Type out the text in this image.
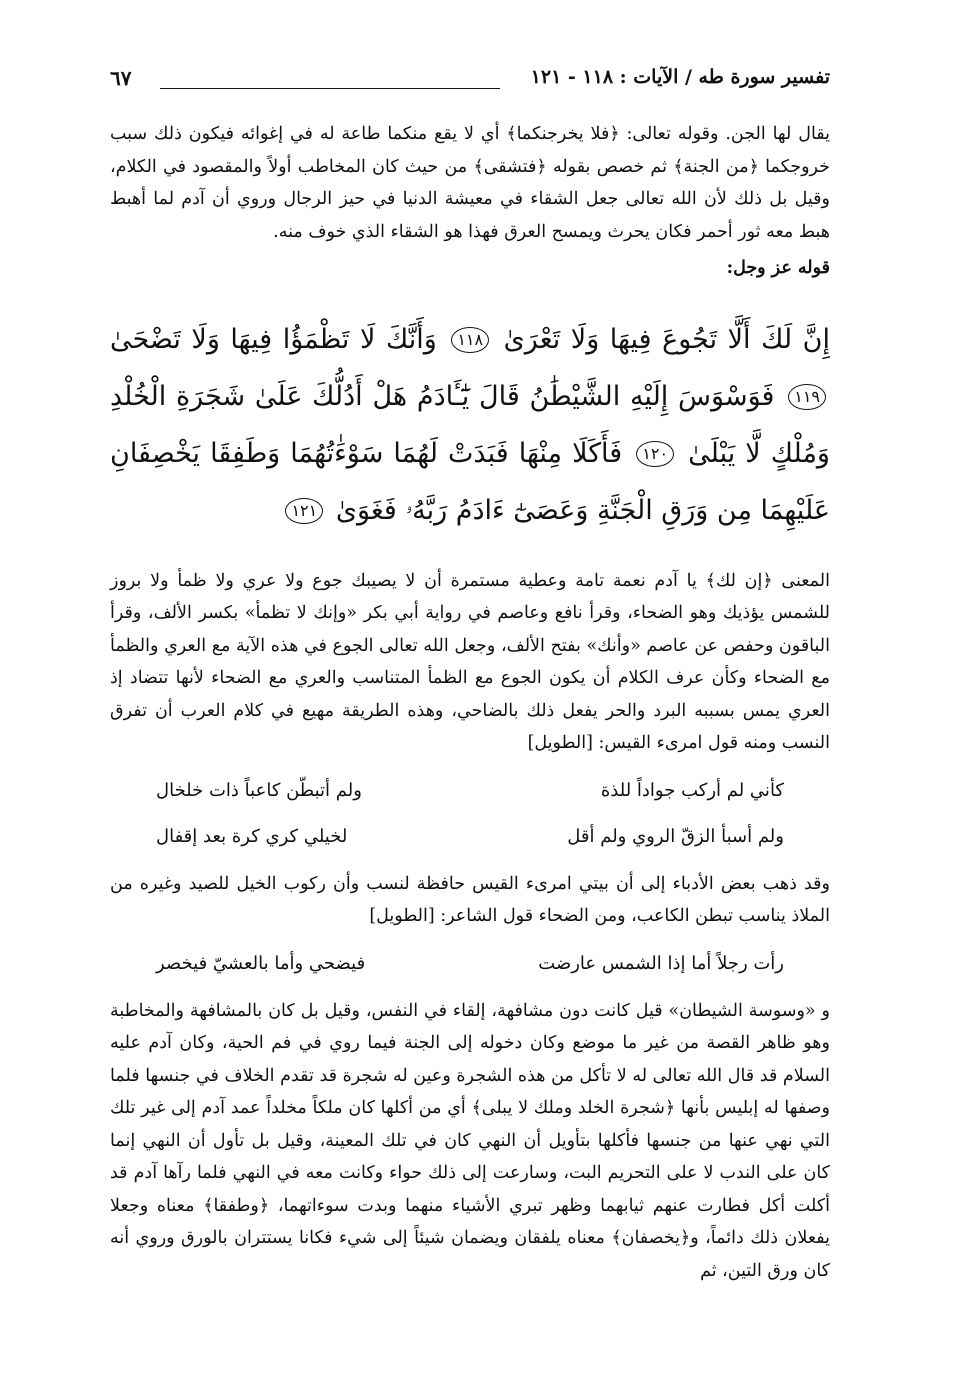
تفسير سورة طه / الآيات : ١١٨ - ١٢١
٦٧

يقال لها الجن. وقوله تعالى: ﴿فلا يخرجنكما﴾ أي لا يقع منكما طاعة له في إغوائه فيكون ذلك سبب خروجكما ﴿من الجنة﴾ ثم خصص بقوله ﴿فتشقى﴾ من حيث كان المخاطب أولاً والمقصود في الكلام، وقيل بل ذلك لأن الله تعالى جعل الشقاء في معيشة الدنيا في حيز الرجال وروي أن آدم لما أهبط هبط معه ثور أحمر فكان يحرث ويمسح العرق فهذا هو الشقاء الذي خوف منه.

قوله عز وجل:

إِنَّ لَكَ أَلَّا تَجُوعَ فِيهَا وَلَا تَعْرَىٰ ١١٨ وَأَنَّكَ لَا تَظْمَؤُا فِيهَا وَلَا تَضْحَىٰ ١١٩ فَوَسْوَسَ إِلَيْهِ الشَّيْطَٰنُ قَالَ يَٰٓـَٔادَمُ هَلْ أَدُلُّكَ عَلَىٰ شَجَرَةِ الْخُلْدِ وَمُلْكٍ لَّا يَبْلَىٰ ١٢٠ فَأَكَلَا مِنْهَا فَبَدَتْ لَهُمَا سَوْءَٰتُهُمَا وَطَفِقَا يَخْصِفَانِ عَلَيْهِمَا مِن وَرَقِ الْجَنَّةِ وَعَصَىٰٓ ءَادَمُ رَبَّهُۥ فَغَوَىٰ ١٢١

المعنى ﴿إن لك﴾ يا آدم نعمة تامة وعطية مستمرة أن لا يصيبك جوع ولا عري ولا ظمأ ولا بروز للشمس يؤذيك وهو الضحاء، وقرأ نافع وعاصم في رواية أبي بكر «وإنك لا تظمأ» بكسر الألف، وقرأ الباقون وحفص عن عاصم «وأنك» بفتح الألف، وجعل الله تعالى الجوع في هذه الآية مع العري والظمأ مع الضحاء وكأن عرف الكلام أن يكون الجوع مع الظمأ المتناسب والعري مع الضحاء لأنها تتضاد إذ العري يمس بسببه البرد والحر يفعل ذلك بالضاحي، وهذه الطريقة مهيع في كلام العرب أن تفرق النسب ومنه قول امرىء القيس: [الطويل]

كأني لم أركب جواداً للذة
ولم أتبطّن كاعباً ذات خلخال
ولم أسبأ الزقّ الروي ولم أقل
لخيلي كري كرة بعد إقفال

وقد ذهب بعض الأدباء إلى أن بيتي امرىء القيس حافظة لنسب وأن ركوب الخيل للصيد وغيره من الملاذ يناسب تبطن الكاعب، ومن الضحاء قول الشاعر: [الطويل]

رأت رجلاً أما إذا الشمس عارضت
فيضحي وأما بالعشيّ فيخصر

و «وسوسة الشيطان» قيل كانت دون مشافهة، إلقاء في النفس، وقيل بل كان بالمشافهة والمخاطبة وهو ظاهر القصة من غير ما موضع وكان دخوله إلى الجنة فيما روي في فم الحية، وكان آدم عليه السلام قد قال الله تعالى له لا تأكل من هذه الشجرة وعين له شجرة قد تقدم الخلاف في جنسها فلما وصفها له إبليس بأنها ﴿شجرة الخلد وملك لا يبلى﴾ أي من أكلها كان ملكاً مخلداً عمد آدم إلى غير تلك التي نهي عنها من جنسها فأكلها بتأويل أن النهي كان في تلك المعينة، وقيل بل تأول أن النهي إنما كان على الندب لا على التحريم البت، وسارعت إلى ذلك حواء وكانت معه في النهي فلما رآها آدم قد أكلت أكل فطارت عنهم ثيابهما وظهر تبري الأشياء منهما وبدت سوءاتهما، ﴿وطفقا﴾ معناه وجعلا يفعلان ذلك دائماً، و﴿يخصفان﴾ معناه يلفقان ويضمان شيئاً إلى شيء فكانا يستتران بالورق وروي أنه كان ورق التين، ثم
